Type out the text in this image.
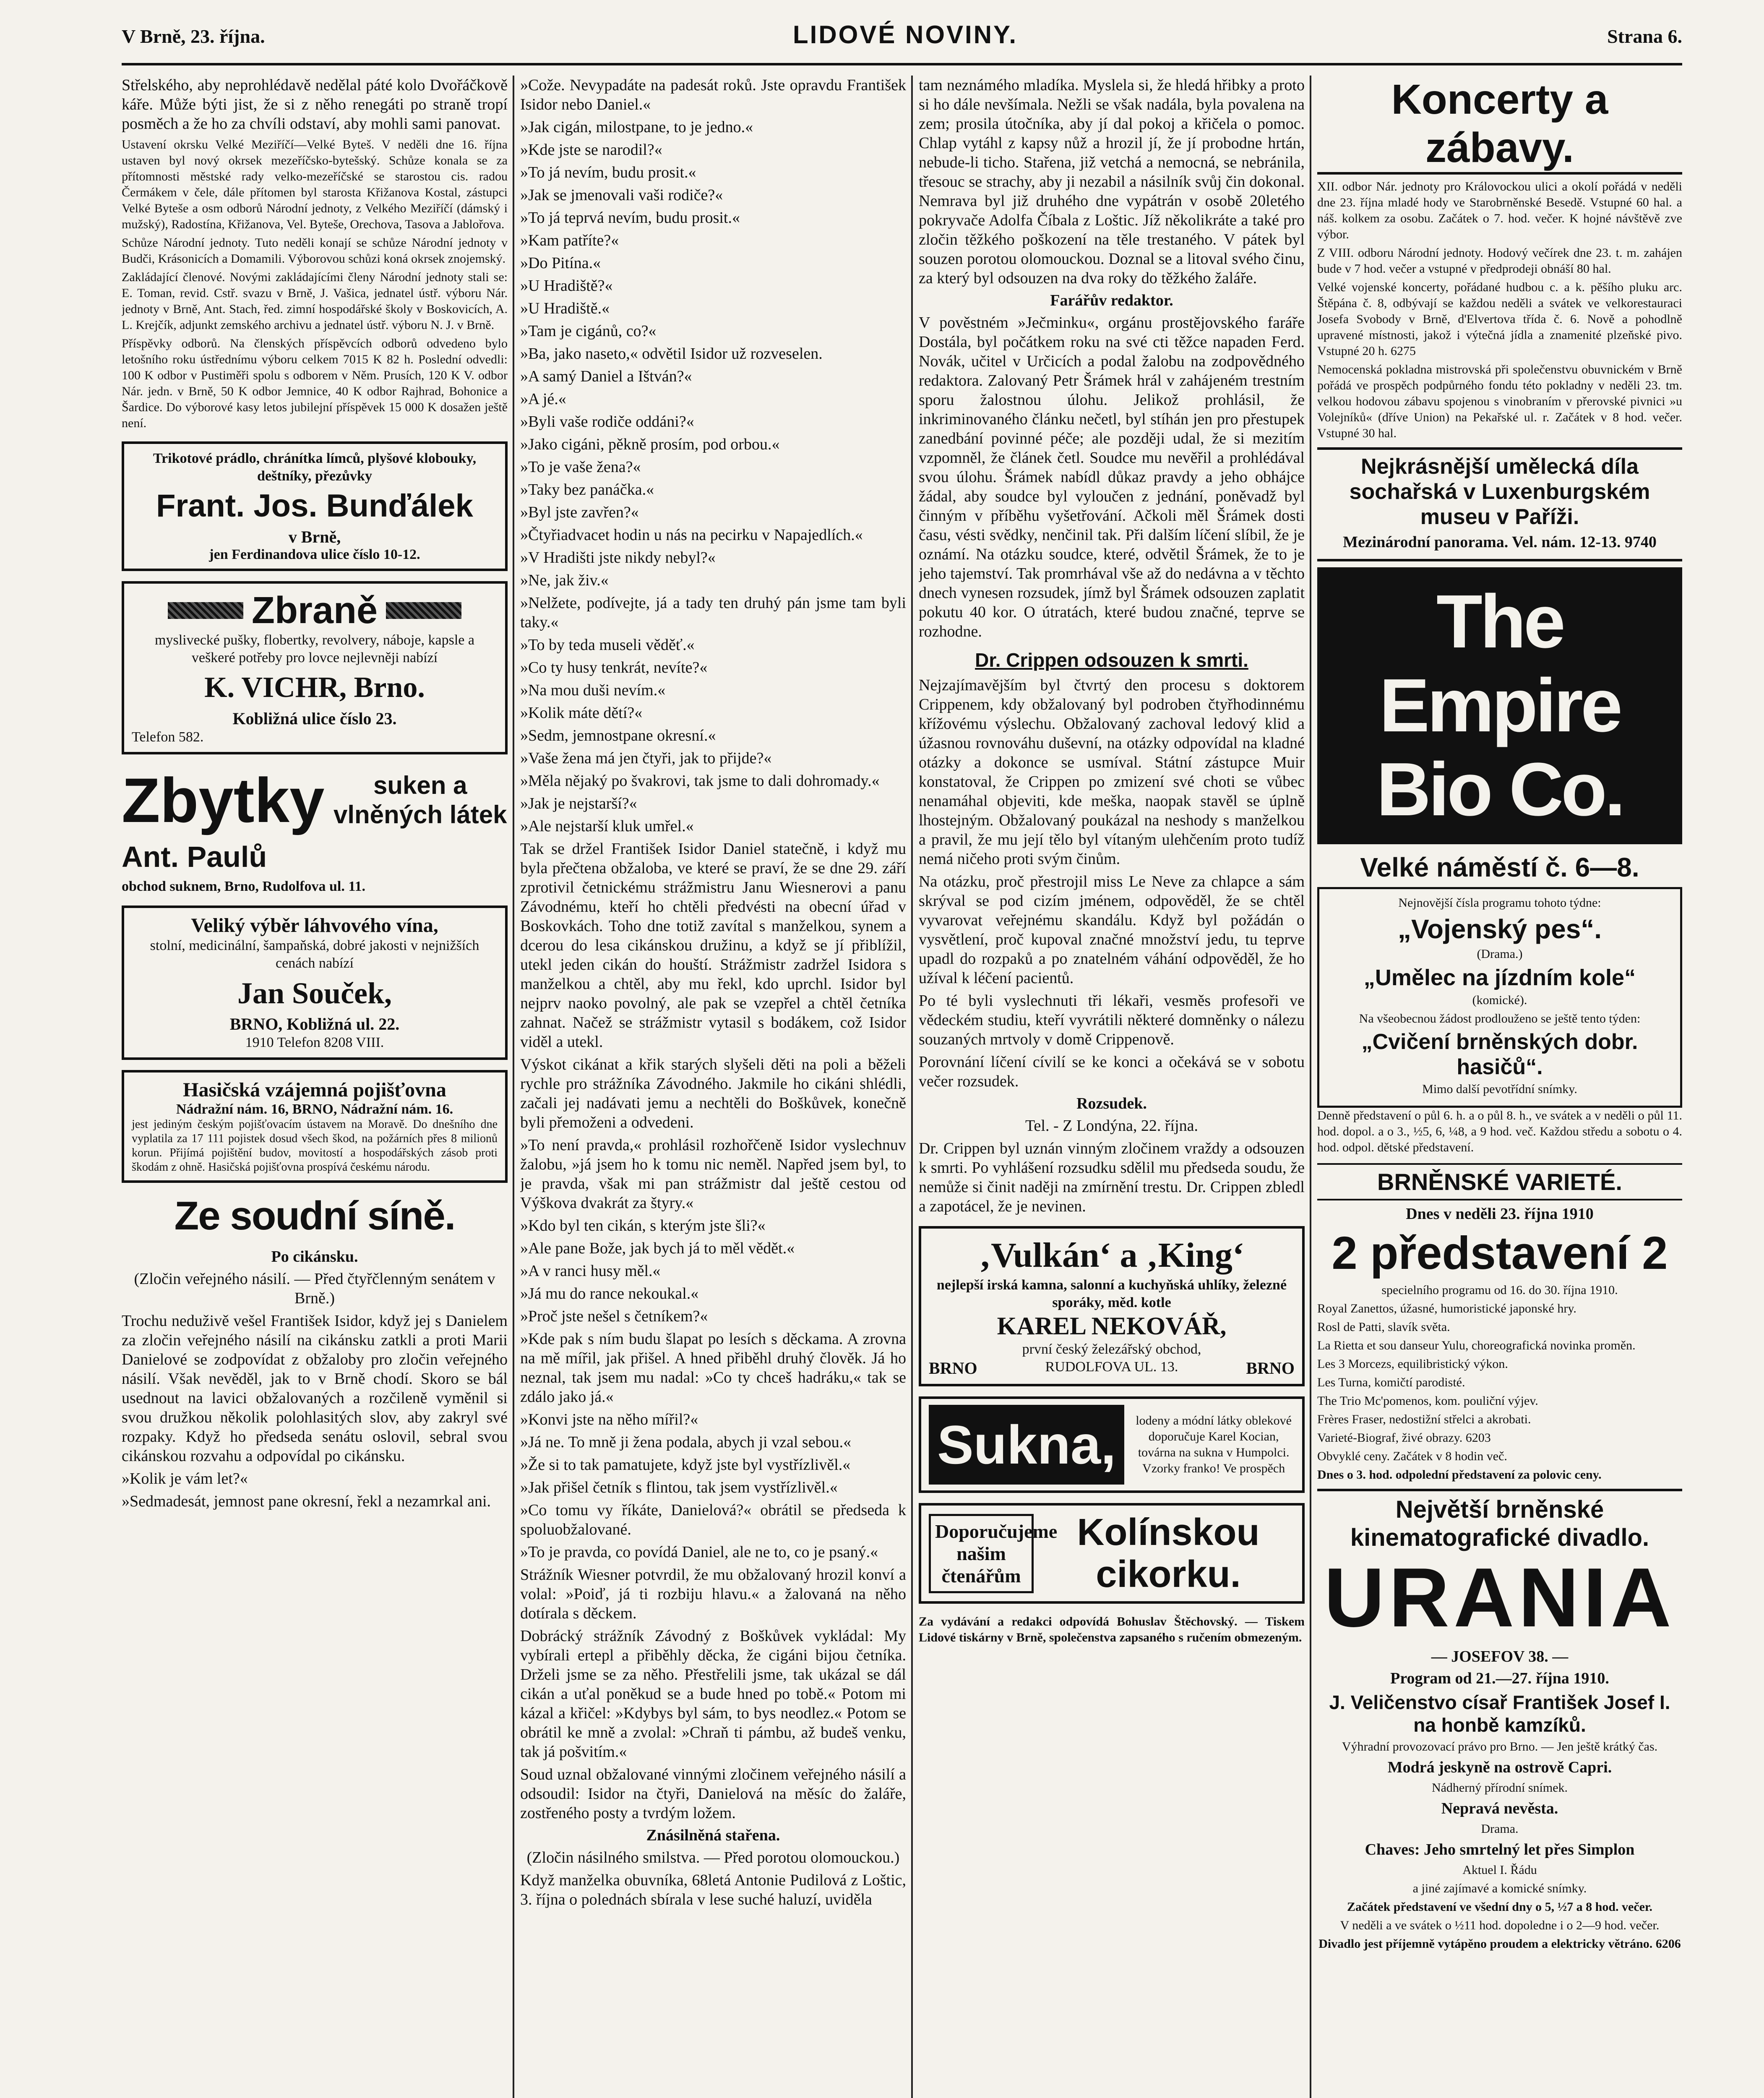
V Brně, 23. října.	LIDOVÉ NOVINY.	Strana 6.

Střelského, aby neprohlédavě nedělal páté kolo Dvořáčkově káře. Může býti jist, že si z něho renegáti po straně tropí posměch a že ho za chvíli odstaví, aby mohli sami panovat.

Ustavení okrsku Velké Meziříčí—Velké Byteš. V neděli dne 16. října ustaven byl nový okrsek mezeříčsko-bytešský. Schůze konala se za přítomnosti městské rady velko-mezeříčské se starostou cis. radou Čermákem v čele, dále přítomen byl starosta Křižanova Kostal, zástupci Velké Byteše a osm odborů Národní jednoty, z Velkého Meziříčí (dámský i mužský), Radostína, Křižanova, Vel. Byteše, Orechova, Tasova a Jablořova.

Schůze Národní jednoty. Tuto neděli konají se schůze Národní jednoty v Budči, Krásonicích a Domamili. Výborovou schůzi koná okrsek znojemský.

Zakládající členové. Novými zakládajícími členy Národní jednoty stali se: E. Toman, revid. Cstř. svazu v Brně, J. Vašica, jednatel ústř. výboru Nár. jednoty v Brně, Ant. Stach, řed. zimní hospodářské školy v Boskovicích, A. L. Krejčík, adjunkt zemského archivu a jednatel ústř. výboru N. J. v Brně.

Příspěvky odborů. Na členských příspěvcích odborů odvedeno bylo letošního roku ústřednímu výboru celkem 7015 K 82 h. Poslední odvedli: 100 K odbor v Pustiměři spolu s odborem v Něm. Prusích, 120 K V. odbor Nár. jedn. v Brně, 50 K odbor Jemnice, 40 K odbor Rajhrad, Bohonice a Šardice. Do výborové kasy letos jubilejní příspěvek 15 000 K dosažen ještě není.

Trikotové prádlo, chránítka límců, plyšové klobouky, deštníky, přezůvky
Frant. Jos. Bunďálek
v Brně,
jen Ferdinandova ulice číslo 10-12.
Zbraně
myslivecké pušky, flobertky, revolvery, náboje, kapsle a veškeré potřeby pro lovce nejlevněji nabízí
K. VICHR, Brno.
Kobližná ulice číslo 23.
Telefon 582.
Zbytky	suken a vlněných látek
Ant. Paulů
obchod suknem, Brno, Rudolfova ul. 11.
Veliký výběr láhvového vína,
stolní, medicinální, šampaňská, dobré jakosti v nejnižších cenách nabízí
Jan Souček,
BRNO, Kobližná ul. 22.
1910 Telefon 8208 VIII.
Hasičská vzájemná pojišťovna
Nádražní nám. 16, BRNO, Nádražní nám. 16.
jest jediným českým pojišťovacím ústavem na Moravě. Do dnešního dne vyplatila za 17 111 pojistek dosud všech škod, na požárních přes 8 milionů korun. Přijímá pojištění budov, movitostí a hospodářských zásob proti škodám z ohně. Hasičská pojišťovna prospívá českému národu.
Ze soudní síně.
Po cikánsku.

(Zločin veřejného násilí. — Před čtyřčlenným senátem v Brně.)

Trochu neduživě vešel František Isidor, když jej s Danielem za zločin veřejného násilí na cikánsku zatkli a proti Marii Danielové se zodpovídat z obžaloby pro zločin veřejného násilí. Však nevěděl, jak to v Brně chodí. Skoro se bál usednout na lavici obžalovaných a rozčileně vyměnil si svou družkou několik polohlasitých slov, aby zakryl své rozpaky. Když ho předseda senátu oslovil, sebral svou cikánskou rozvahu a odpovídal po cikánsku.

»Kolik je vám let?«

»Sedmadesát, jemnost pane okresní, řekl a nezamrkal ani.

»Cože. Nevypadáte na padesát roků. Jste opravdu František Isidor nebo Daniel.«

»Jak cigán, milostpane, to je jedno.«

»Kde jste se narodil?«

»To já nevím, budu prosit.«

»Jak se jmenovali vaši rodiče?«

»To já teprvá nevím, budu prosit.«

»Kam patříte?«

»Do Pitína.«

»U Hradiště?«

»U Hradiště.«

»Tam je cigánů, co?«

»Ba, jako naseto,« odvětil Isidor už rozveselen.

»A samý Daniel a Ištván?«

»A jé.«

»Byli vaše rodiče oddáni?«

»Jako cigáni, pěkně prosím, pod orbou.«

»To je vaše žena?«

»Taky bez panáčka.«

»Byl jste zavřen?«

»Čtyřiadvacet hodin u nás na pecirku v Napajedlích.«

»V Hradišti jste nikdy nebyl?«

»Ne, jak živ.«

»Nelžete, podívejte, já a tady ten druhý pán jsme tam byli taky.«

»To by teda museli věděť.«

»Co ty husy tenkrát, nevíte?«

»Na mou duši nevím.«

»Kolik máte dětí?«

»Sedm, jemnostpane okresní.«

»Vaše žena má jen čtyři, jak to přijde?«

»Měla nějaký po švakrovi, tak jsme to dali dohromady.«

»Jak je nejstarší?«

»Ale nejstarší kluk umřel.«

Tak se držel František Isidor Daniel statečně, i když mu byla přečtena obžaloba, ve které se praví, že se dne 29. září zprotivil četnickému strážmistru Janu Wiesnerovi a panu Závodnému, kteří ho chtěli předvésti na obecní úřad v Boskovkách. Toho dne totiž zavítal s manželkou, synem a dcerou do lesa cikánskou družinu, a když se jí přiblížil, utekl jeden cikán do houští. Strážmistr zadržel Isidora s manželkou a chtěl, aby mu řekl, kdo uprchl. Isidor byl nejprv naoko povolný, ale pak se vzepřel a chtěl četníka zahnat. Načež se strážmistr vytasil s bodákem, což Isidor viděl a utekl.

Výskot cikánat a křik starých slyšeli děti na poli a běželi rychle pro strážníka Závodného. Jakmile ho cikáni shlédli, začali jej nadávati jemu a nechtěli do Boškůvek, konečně byli přemoženi a odvedeni.

»To není pravda,« prohlásil rozhořčeně Isidor vyslechnuv žalobu, »já jsem ho k tomu nic neměl. Napřed jsem byl, to je pravda, však mi pan strážmistr dal ještě cestou od Výškova dvakrát za štyry.«

»Kdo byl ten cikán, s kterým jste šli?«

»Ale pane Bože, jak bych já to měl vědět.«

»A v ranci husy měl.«

»Já mu do rance nekoukal.«

»Proč jste nešel s četníkem?«

»Kde pak s ním budu šlapat po lesích s děckama. A zrovna na mě mířil, jak přišel. A hned přiběhl druhý člověk. Já ho neznal, tak jsem mu nadal: »Co ty chceš hadráku,« tak se zdálo jako já.«

»Konvi jste na něho mířil?«

»Já ne. To mně ji žena podala, abych ji vzal sebou.«

»Že si to tak pamatujete, když jste byl vystřízlivěl.«

»Jak přišel četník s flintou, tak jsem vystřízlivěl.«

»Co tomu vy říkáte, Danielová?« obrátil se předseda k spoluobžalované.

»To je pravda, co povídá Daniel, ale ne to, co je psaný.«

Strážník Wiesner potvrdil, že mu obžalovaný hrozil konví a volal: »Poiď, já ti rozbiju hlavu.« a žalovaná na něho dotírala s děckem.

Dobrácký strážník Závodný z Boškůvek vykládal: My vybírali ertepl a přiběhly děcka, že cigáni bijou četníka. Drželi jsme se za něho. Přestřelili jsme, tak ukázal se dál cikán a uťal poněkud se a bude hned po tobě.« Potom mi kázal a křičel: »Kdybys byl sám, to bys neodlez.« Potom se obrátil ke mně a zvolal: »Chraň ti pámbu, až budeš venku, tak já pošvitím.«

Soud uznal obžalované vinnými zločinem veřejného násilí a odsoudil: Isidor na čtyři, Danielová na měsíc do žaláře, zostřeného posty a tvrdým ložem.

Znásilněná stařena.

(Zločin násilného smilstva. — Před porotou olomouckou.)

Když manželka obuvníka, 68letá Antonie Pudilová z Loštic, 3. října o polednách sbírala v lese suché haluzí, uviděla

tam neznámého mladíka. Myslela si, že hledá hřibky a proto si ho dále nevšímala. Nežli se však nadála, byla povalena na zem; prosila útočníka, aby jí dal pokoj a křičela o pomoc. Chlap vytáhl z kapsy nůž a hrozil jí, že jí probodne hrtán, nebude-li ticho. Stařena, již vetchá a nemocná, se nebránila, třesouc se strachy, aby ji nezabil a násilník svůj čin dokonal. Nemrava byl již druhého dne vypátrán v osobě 20letého pokryvače Adolfa Číbala z Loštic. Jíž několikráte a také pro zločin těžkého poškození na těle trestaného. V pátek byl souzen porotou olomouckou. Doznal se a litoval svého činu, za který byl odsouzen na dva roky do těžkého žaláře.

Farářův redaktor.

V pověstném »Ječminku«, orgánu prostějovského faráře Dostála, byl počátkem roku na své cti těžce napaden Ferd. Novák, učitel v Určicích a podal žalobu na zodpovědného redaktora. Zalovaný Petr Šrámek hrál v zahájeném trestním sporu žalostnou úlohu. Jelikož prohlásil, že inkriminovaného článku nečetl, byl stíhán jen pro přestupek zanedbání povinné péče; ale později udal, že si mezitím vzpomněl, že článek četl. Soudce mu nevěřil a prohlédával svou úlohu. Šrámek nabídl důkaz pravdy a jeho obhájce žádal, aby soudce byl vyloučen z jednání, poněvadž byl činným v příběhu vyšetřování. Ačkoli měl Šrámek dosti času, vésti svědky, nenčinil tak. Při dalším líčení slíbil, že je oznámí. Na otázku soudce, které, odvětil Šrámek, že to je jeho tajemství. Tak promrhával vše až do nedávna a v těchto dnech vynesen rozsudek, jímž byl Šrámek odsouzen zaplatit pokutu 40 kor. O útratách, které budou značné, teprve se rozhodne.

Dr. Crippen odsouzen k smrti.

Nejzajímavějším byl čtvrtý den procesu s doktorem Crippenem, kdy obžalovaný byl podroben čtyřhodinnému křížovému výslechu. Obžalovaný zachoval ledový klid a úžasnou rovnováhu duševní, na otázky odpovídal na kladné otázky a dokonce se usmíval. Státní zástupce Muir konstatoval, že Crippen po zmizení své choti se vůbec nenamáhal objeviti, kde meška, naopak stavěl se úplně lhostejným. Obžalovaný poukázal na neshody s manželkou a pravil, že mu její tělo byl vítaným ulehčením proto tudíž nemá ničeho proti svým činům.

Na otázku, proč přestrojil miss Le Neve za chlapce a sám skrýval se pod cizím jménem, odpověděl, že se chtěl vyvarovat veřejnému skandálu. Když byl požádán o vysvětlení, proč kupoval značné množství jedu, tu teprve upadl do rozpaků a po znatelném váhání odpověděl, že ho užíval k léčení pacientů.

Po té byli vyslechnuti tři lékaři, vesměs profesoři ve vědeckém studiu, kteří vyvrátili některé domněnky o nálezu souzaných mrtvoly v domě Crippenově.

Porovnání líčení cívilí se ke konci a očekává se v sobotu večer rozsudek.

Rozsudek.

Tel. - Z Londýna, 22. října.

Dr. Crippen byl uznán vinným zločinem vraždy a odsouzen k smrti. Po vyhlášení rozsudku sdělil mu předseda soudu, že nemůže si činit naději na zmírnění trestu. Dr. Crippen zbledl a zapotácel, že je nevinen.

‚Vulkán‘ a ‚King‘
nejlepší irská kamna, salonní a kuchyňská uhlíky, železné sporáky, měd. kotle
KAREL NEKOVÁŘ,
první český železářský obchod,
BRNO	RUDOLFOVA UL. 13.	BRNO
Sukna,	lodeny a módní látky oblekové doporučuje Karel Kocian, továrna na sukna v Humpolci. Vzorky franko! Ve prospěch
Doporučujeme našim čtenářům
Kolínskou cikorku.

Za vydávání a redakci odpovídá Bohuslav Štěchovský. — Tiskem Lidové tiskárny v Brně, společenstva zapsaného s ručením obmezeným.

Koncerty a zábavy.

XII. odbor Nár. jednoty pro Královockou ulici a okolí pořádá v neděli dne 23. října mladé hody ve Starobrněnské Besedě. Vstupné 60 hal. a náš. kolkem za osobu. Začátek o 7. hod. večer. K hojné návštěvě zve výbor.

Z VIII. odboru Národní jednoty. Hodový večírek dne 23. t. m. zahájen bude v 7 hod. večer a vstupné v předprodeji obnáší 80 hal.

Velké vojenské koncerty, pořádané hudbou c. a k. pěšího pluku arc. Štěpána č. 8, odbývají se každou neděli a svátek ve velkorestauraci Josefa Svobody v Brně, d'Elvertova třída č. 6. Nově a pohodlně upravené místnosti, jakož i výtečná jídla a znamenité plzeňské pivo. Vstupné 20 h. 6275

Nemocenská pokladna mistrovská při společenstvu obuvnickém v Brně pořádá ve prospěch podpůrného fondu této pokladny v neděli 23. tm. velkou hodovou zábavu spojenou s vinobraním v přerovské pivnici »u Volejníků« (dříve Union) na Pekařské ul. r. Začátek v 8 hod. večer. Vstupné 30 hal.

Nejkrásnější umělecká díla sochařská v Luxenburgském museu v Paříži.
Mezinárodní panorama. Vel. nám. 12-13. 9740
The Empire Bio Co.
Velké náměstí č. 6—8.

Nejnovější čísla programu tohoto týdne:

„Vojenský pes“.

(Drama.)

„Umělec na jízdním kole“

(komické).

Na všeobecnou žádost prodlouženo se ještě tento týden:

„Cvičení brněnských dobr. hasičů“.

Mimo další pevotřídní snímky.

Denně představení o půl 6. h. a o půl 8. h., ve svátek a v neděli o půl 11. hod. dopol. a o 3., ½5, 6, ¼8, a 9 hod. več. Každou středu a sobotu o 4. hod. odpol. dětské představení.

BRNĚNSKÉ VARIETÉ.
Dnes v neděli 23. října 1910
2 představení 2

specielního programu od 16. do 30. října 1910.

Royal Zanettos, úžasné, humoristické japonské hry.

Rosl de Patti, slavík světa.

La Rietta et sou danseur Yulu, choreografická novinka proměn.

Les 3 Morcezs, equilibristický výkon.

Les Turna, komičtí parodisté.

The Trio Mc'pomenos, kom. pouliční výjev.

Frères Fraser, nedostižní střelci a akrobati.

Varieté-Biograf, živé obrazy. 6203

Obvyklé ceny. Začátek v 8 hodin več.

Dnes o 3. hod. odpolední představení za polovic ceny.

Největší brněnské kinematografické divadlo.
URANIA
— JOSEFOV 38. —
Program od 21.—27. října 1910.
J. Veličenstvo císař František Josef I. na honbě kamzíků.

Výhradní provozovací právo pro Brno. — Jen ještě krátký čas.

Modrá jeskyně na ostrově Capri.

Nádherný přírodní snímek.

Nepravá nevěsta.

Drama.

Chaves: Jeho smrtelný let přes Simplon

Aktuel I. Řádu

a jiné zajímavé a komické snímky.

Začátek představení ve všední dny o 5, ½7 a 8 hod. večer.

V neděli a ve svátek o ½11 hod. dopoledne i o 2—9 hod. večer.

Divadlo jest příjemně vytápěno proudem a elektricky větráno. 6206
